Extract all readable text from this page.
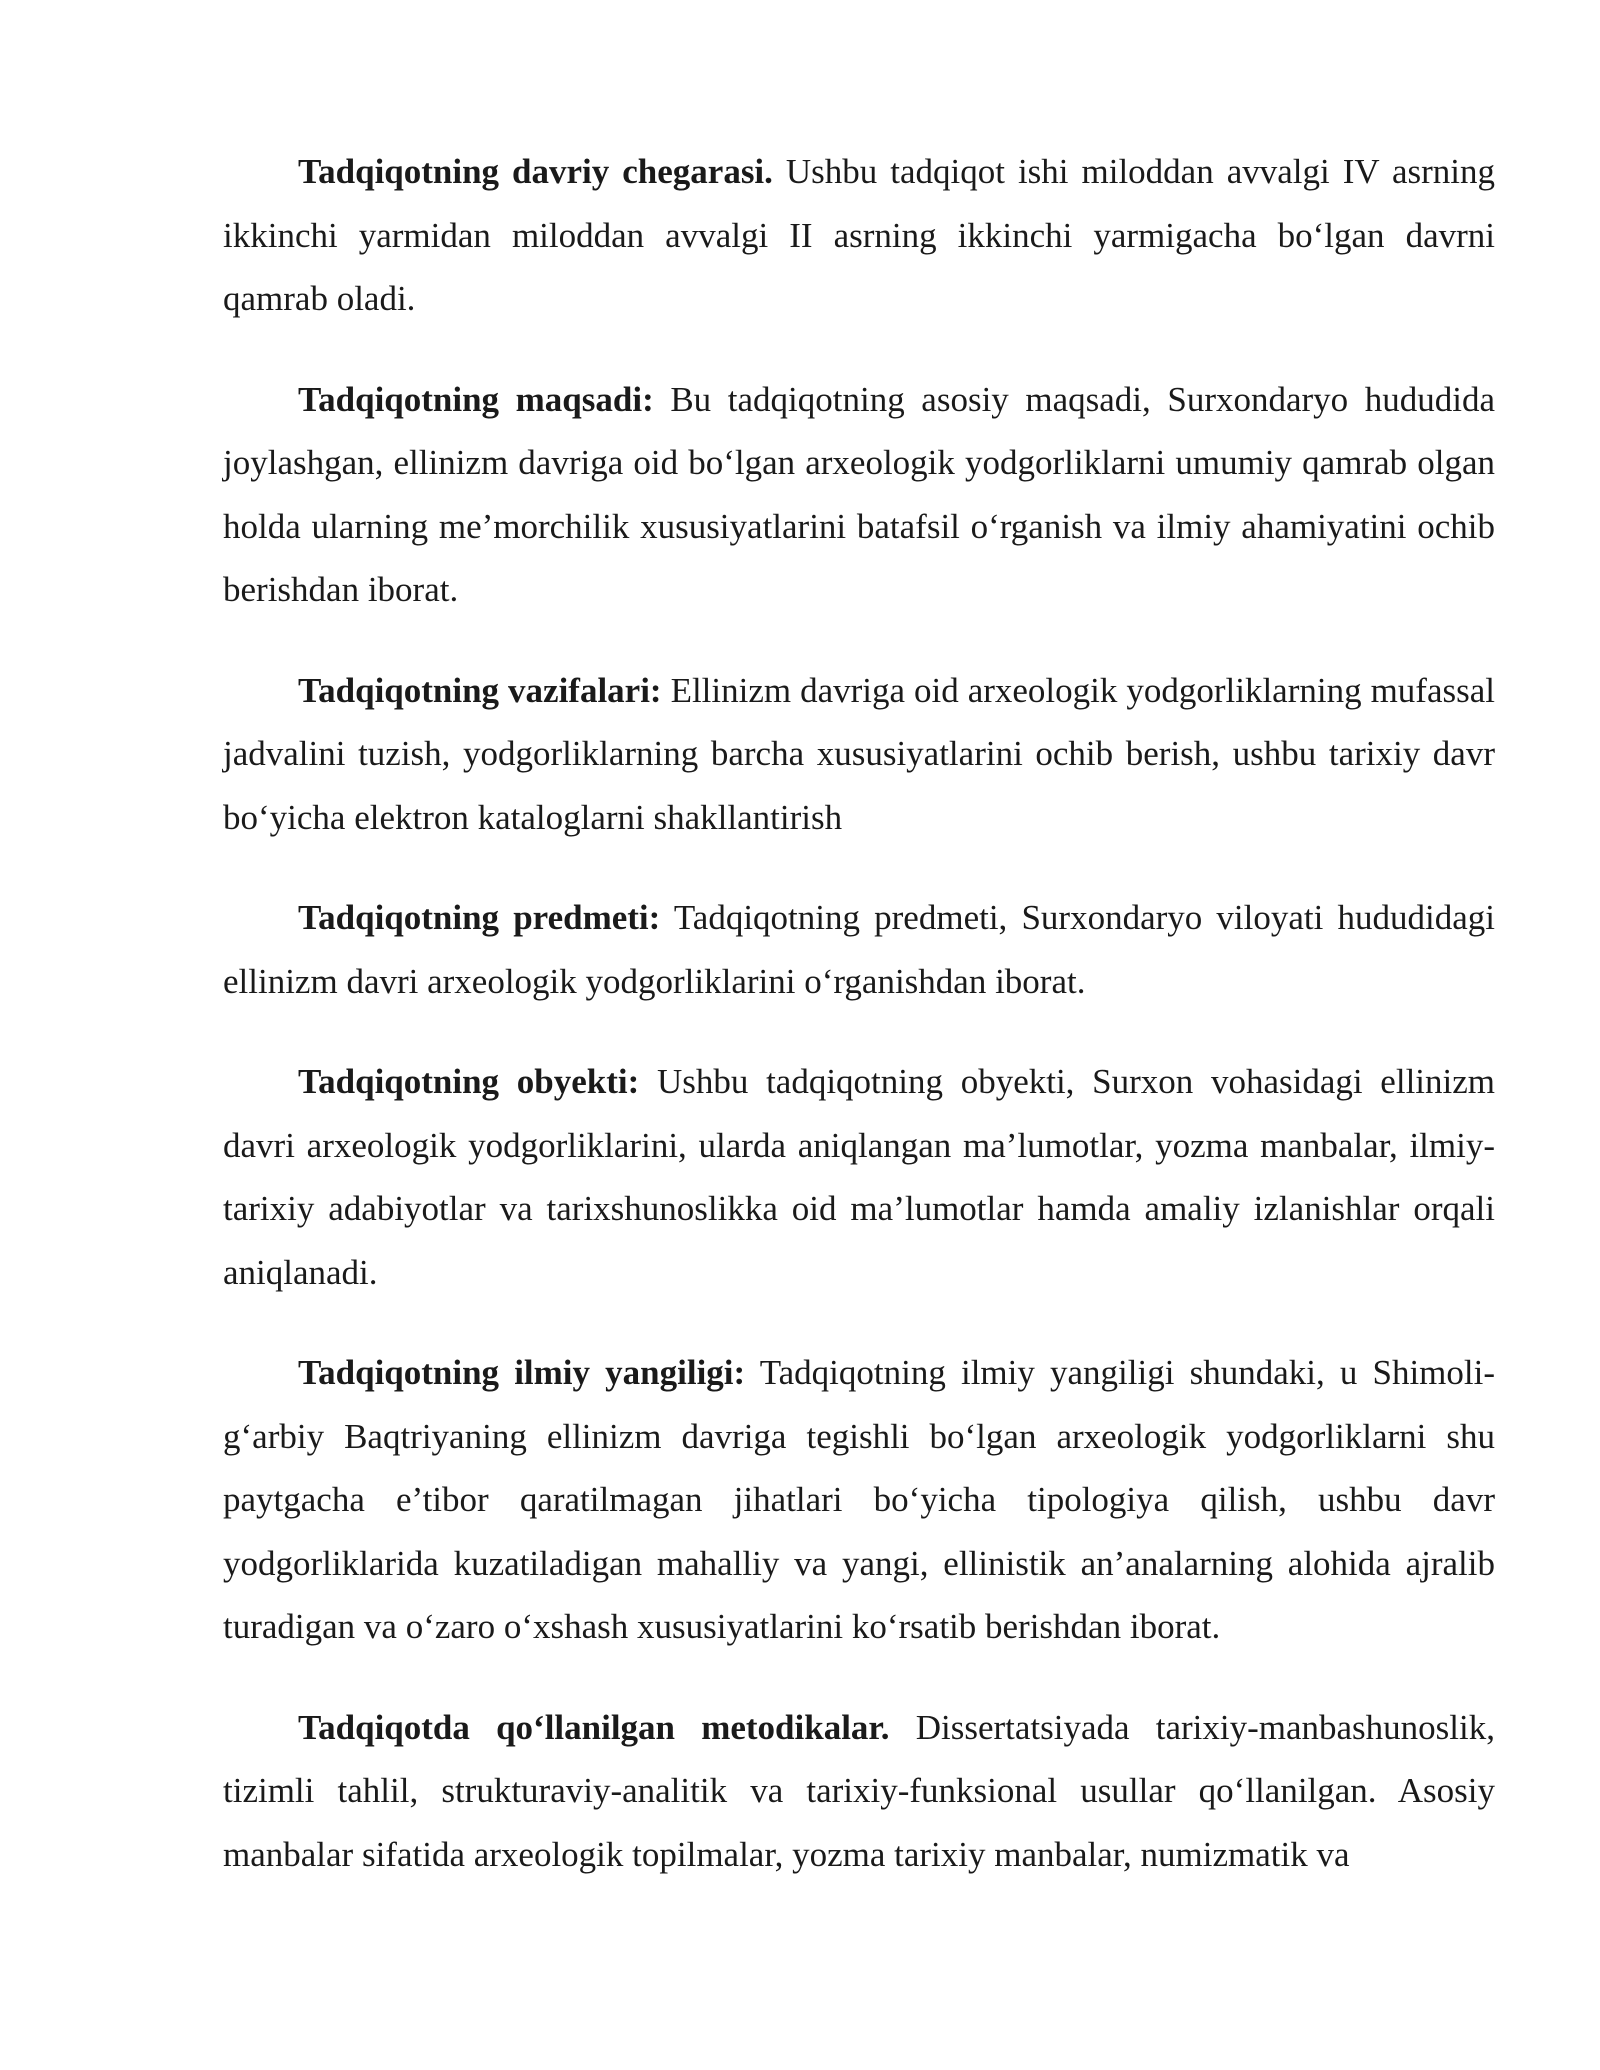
Tadqiqotning davriy chegarasi. Ushbu tadqiqot ishi miloddan avvalgi IV asrning ikkinchi yarmidan miloddan avvalgi II asrning ikkinchi yarmigacha bo‘lgan davrni qamrab oladi.

Tadqiqotning maqsadi: Bu tadqiqotning asosiy maqsadi, Surxondaryo hududida joylashgan, ellinizm davriga oid bo‘lgan arxeologik yodgorliklarni umumiy qamrab olgan holda ularning me’morchilik xususiyatlarini batafsil o‘rganish va ilmiy ahamiyatini ochib berishdan iborat.

Tadqiqotning vazifalari: Ellinizm davriga oid arxeologik yodgorliklarning mufassal jadvalini tuzish, yodgorliklarning barcha xususiyatlarini ochib berish, ushbu tarixiy davr bo‘yicha elektron kataloglarni shakllantirish

Tadqiqotning predmeti: Tadqiqotning predmeti, Surxondaryo viloyati hududidagi ellinizm davri arxeologik yodgorliklarini o‘rganishdan iborat.

Tadqiqotning obyekti: Ushbu tadqiqotning obyekti, Surxon vohasidagi ellinizm davri arxeologik yodgorliklarini, ularda aniqlangan ma’lumotlar, yozma manbalar, ilmiy-tarixiy adabiyotlar va tarixshunoslikka oid ma’lumotlar hamda amaliy izlanishlar orqali aniqlanadi.

Tadqiqotning ilmiy yangiligi: Tadqiqotning ilmiy yangiligi shundaki, u Shimoli-g‘arbiy Baqtriyaning ellinizm davriga tegishli bo‘lgan arxeologik yodgorliklarni shu paytgacha e’tibor qaratilmagan jihatlari bo‘yicha tipologiya qilish, ushbu davr yodgorliklarida kuzatiladigan mahalliy va yangi, ellinistik an’analarning alohida ajralib turadigan va o‘zaro o‘xshash xususiyatlarini ko‘rsatib berishdan iborat.

Tadqiqotda qo‘llanilgan metodikalar. Dissertatsiyada tarixiy-manbashunoslik, tizimli tahlil, strukturaviy-analitik va tarixiy-funksional usullar qo‘llanilgan. Asosiy manbalar sifatida arxeologik topilmalar, yozma tarixiy manbalar, numizmatik va
